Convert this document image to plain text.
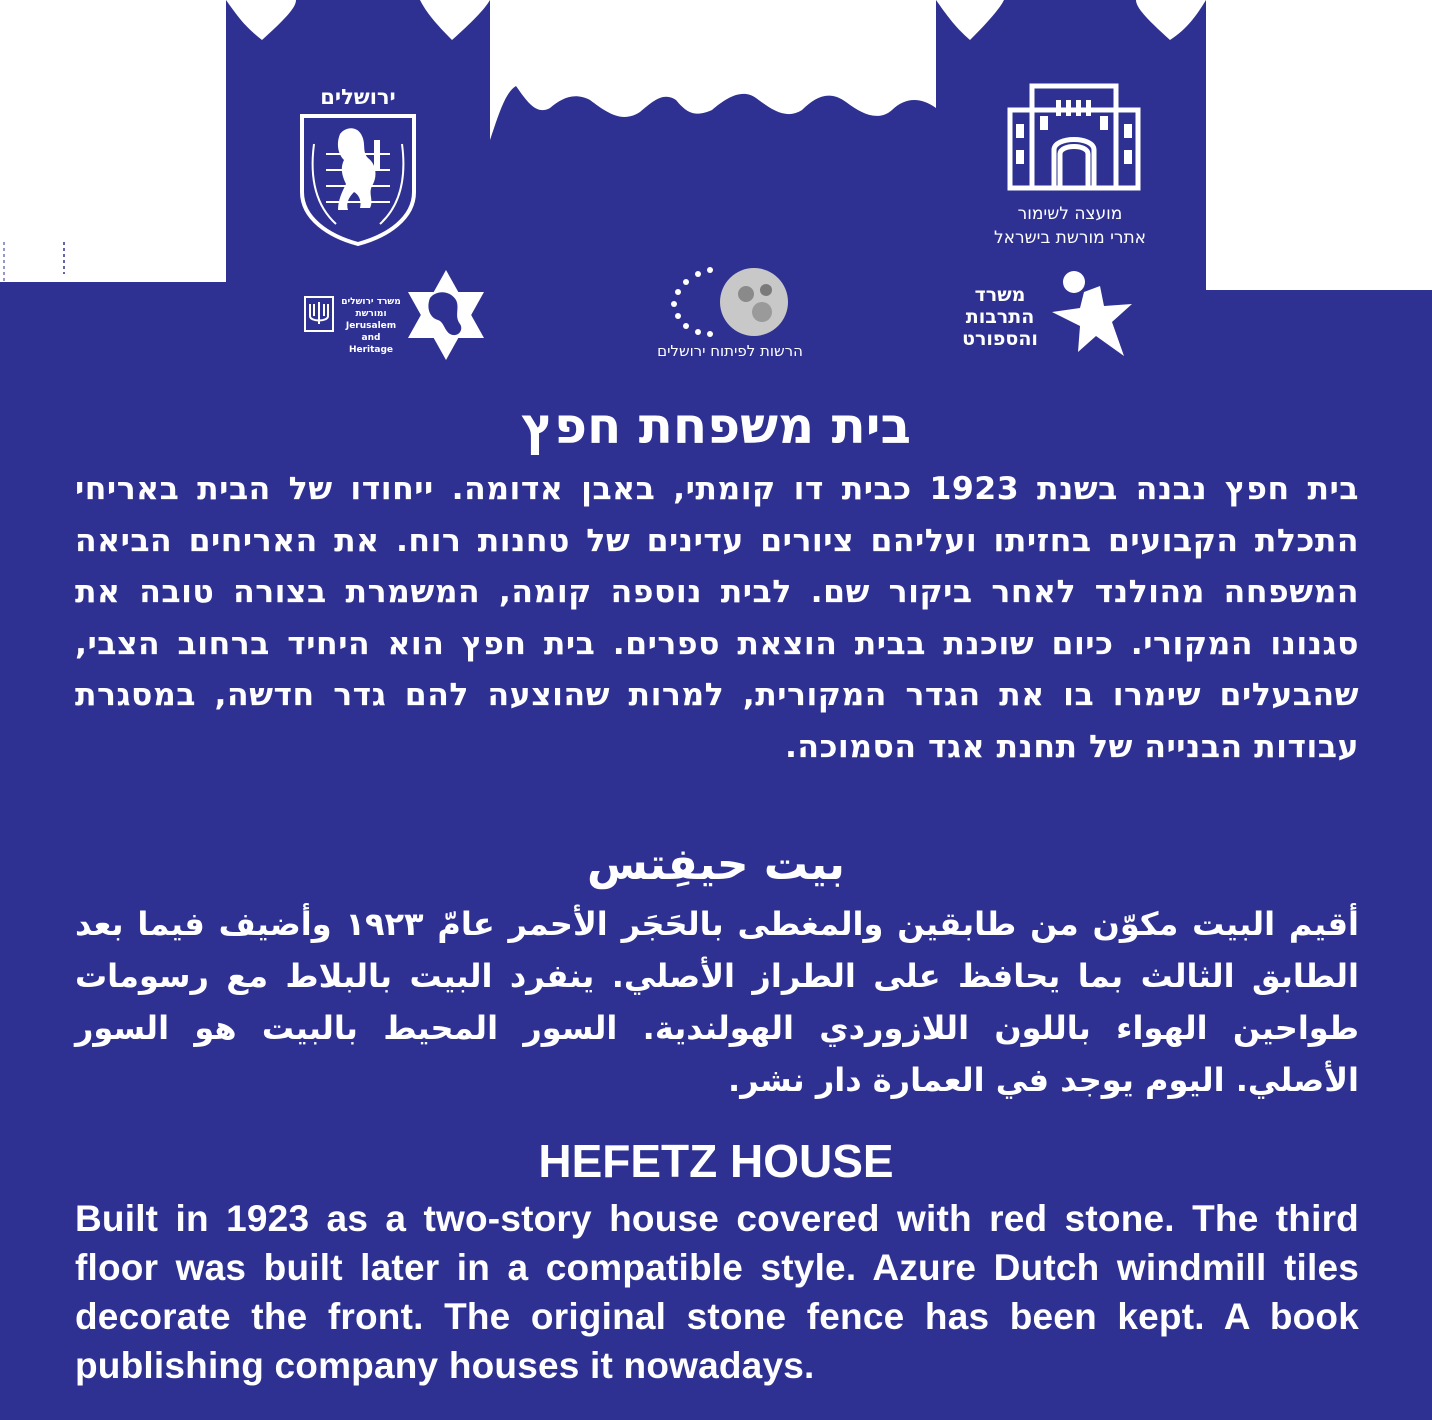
ירושלים
מועצה לשימור
אתרי מורשת בישראל
משרד ירושלים ומורשת Jerusalem and Heritage	הרשות לפיתוח ירושלים
משרד התרבות והספורט
בית משפחת חפץ

בית חפץ נבנה בשנת 1923 כבית דו קומתי, באבן אדומה. ייחודו של הבית באריחי התכלת הקבועים בחזיתו ועליהם ציורים עדינים של טחנות רוח. את האריחים הביאה המשפחה מהולנד לאחר ביקור שם. לבית נוספה קומה, המשמרת בצורה טובה את סגנונו המקורי. כיום שוכנת בבית הוצאת ספרים. בית חפץ הוא היחיד ברחוב הצבי, שהבעלים שימרו בו את הגדר המקורית, למרות שהוצעה להם גדר חדשה, במסגרת עבודות הבנייה של תחנת אגד הסמוכה.

بيت حيفِتس

أقيم البيت مكوّن من طابقين والمغطى بالحَجَر الأحمر عامّ ١٩٢٣ وأضيف فيما بعد الطابق الثالث بما يحافظ على الطراز الأصلي. ينفرد البيت بالبلاط مع رسومات طواحين الهواء باللون اللازوردي الهولندية. السور المحيط بالبيت هو السور الأصلي. اليوم يوجد في العمارة دار نشر.

HEFETZ HOUSE

Built in 1923 as a two-story house covered with red stone. The third floor was built later in a compatible style. Azure Dutch windmill tiles decorate the front. The original stone fence has been kept. A book publishing company houses it nowadays.
